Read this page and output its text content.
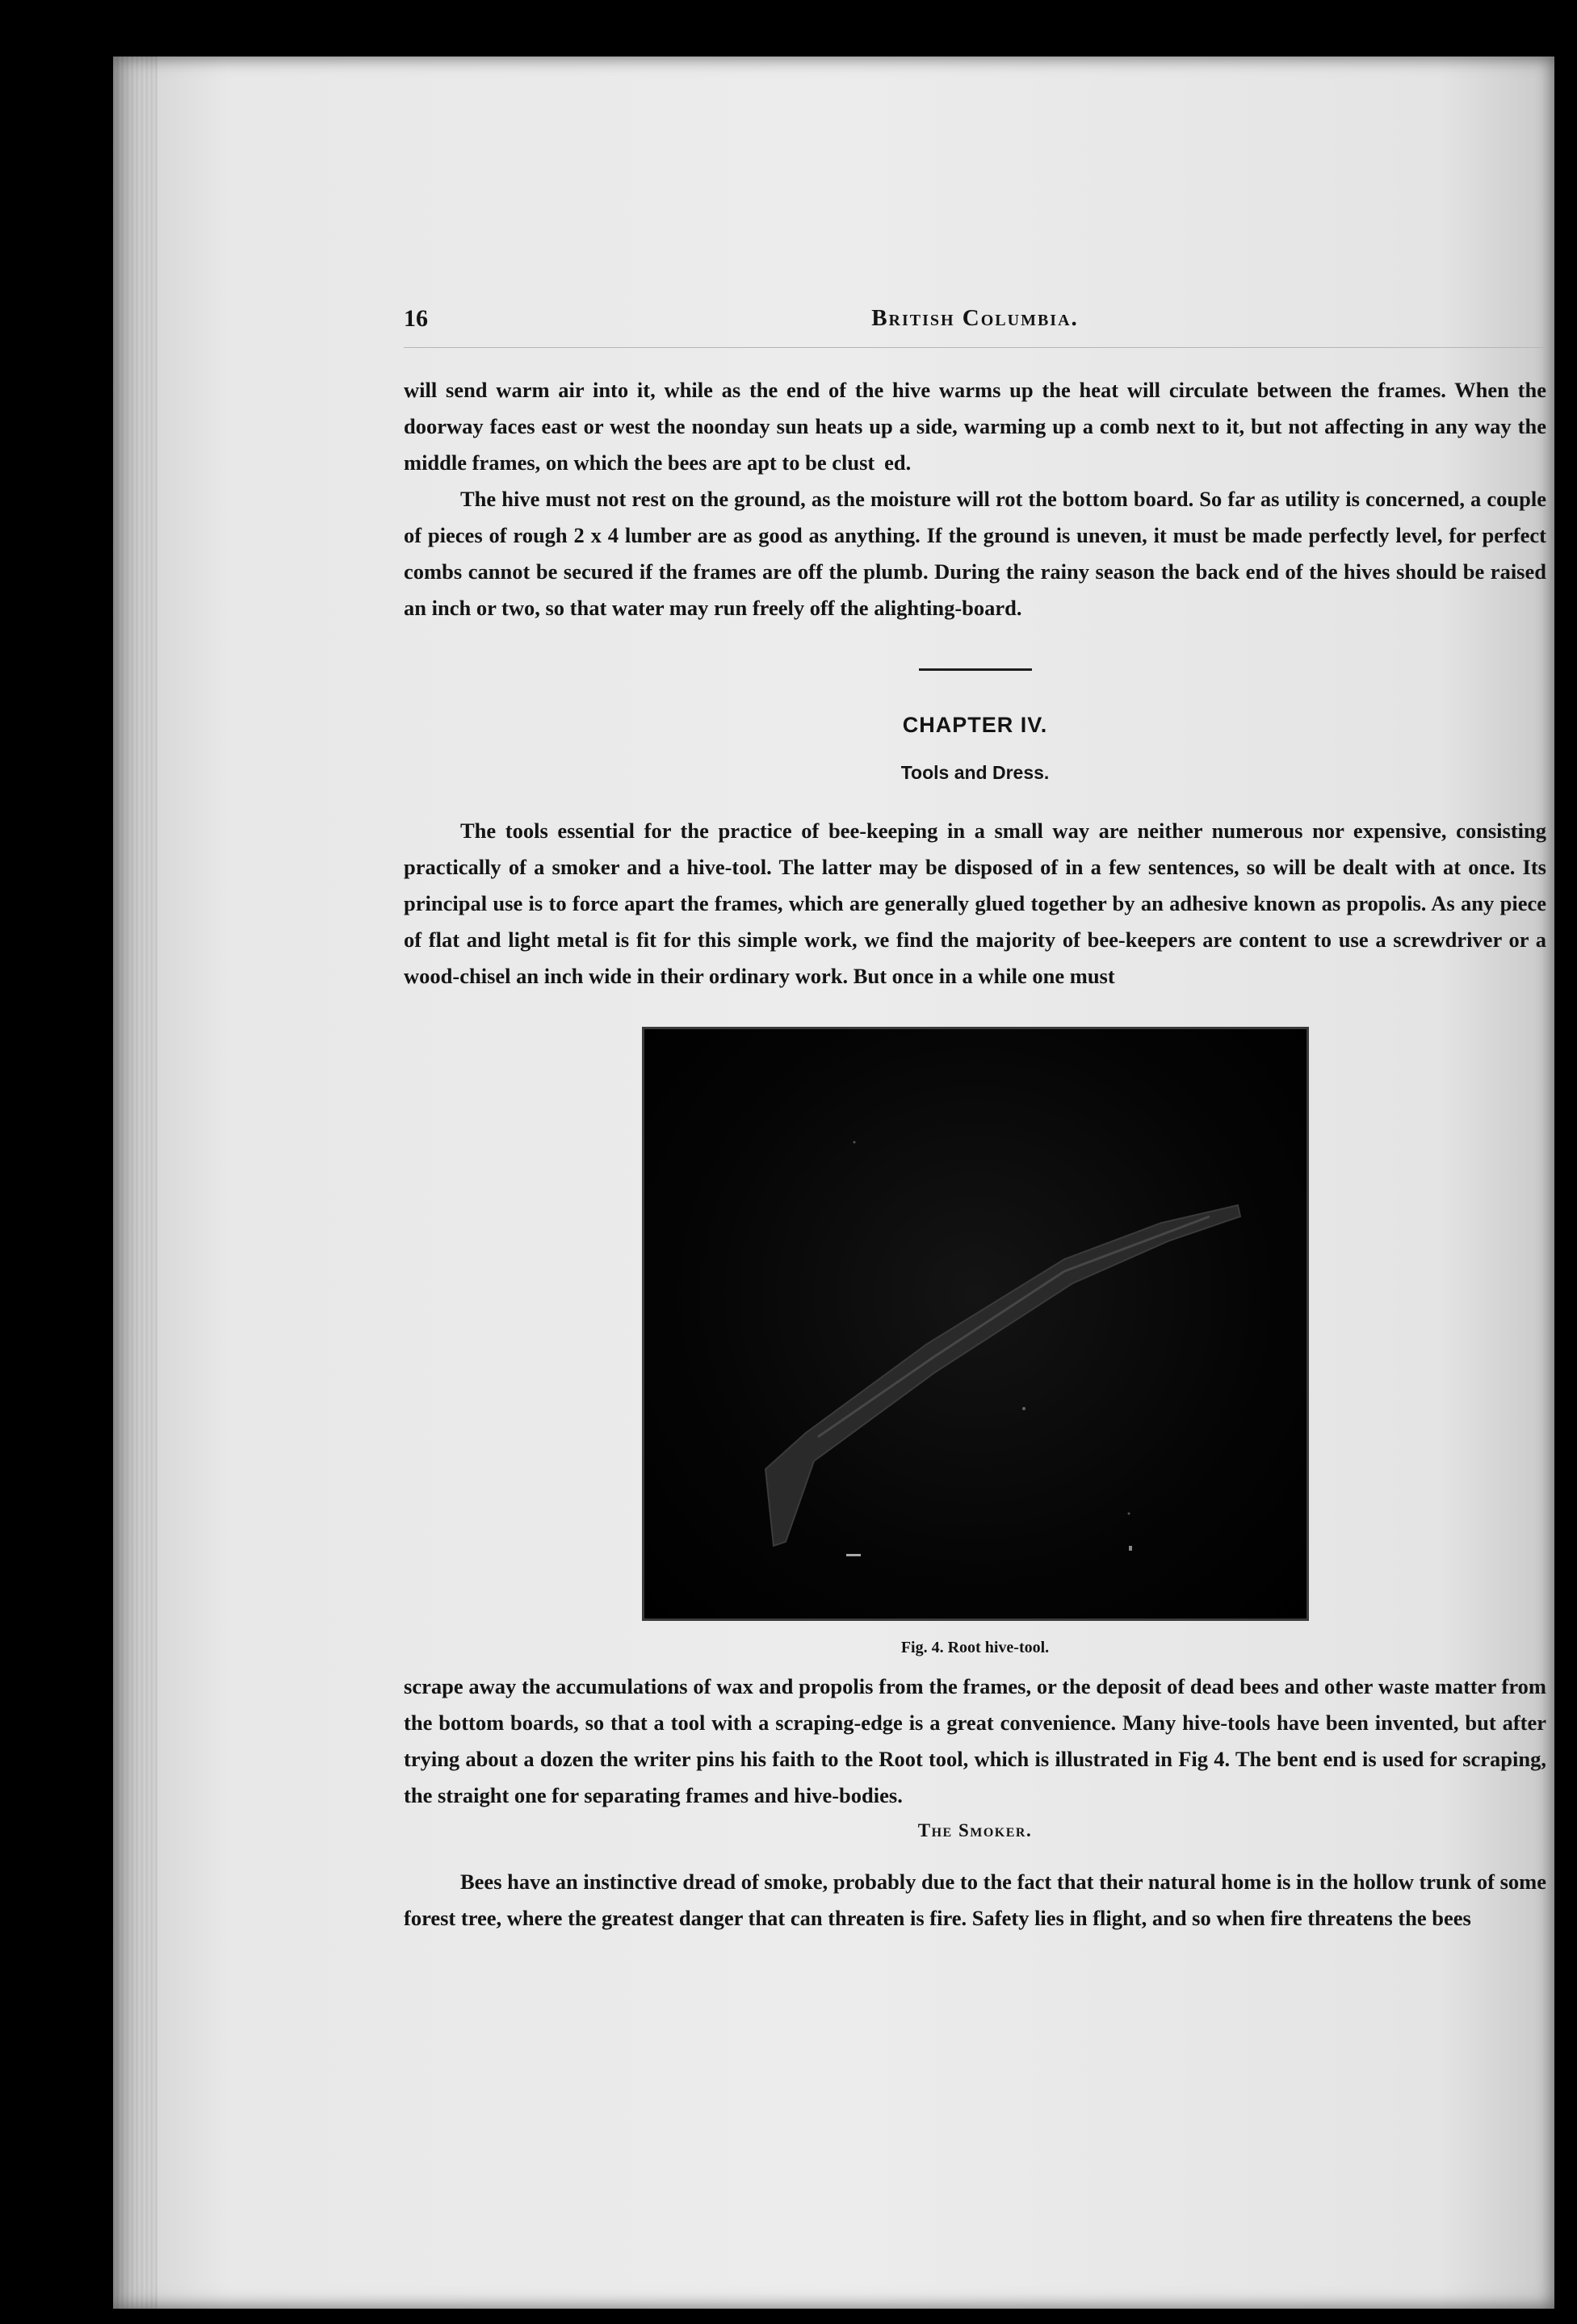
16	British Columbia.

will send warm air into it, while as the end of the hive warms up the heat will circulate between the frames. When the doorway faces east or west the noonday sun heats up a side, warming up a comb next to it, but not affecting in any way the middle frames, on which the bees are apt to be clust  ed.

The hive must not rest on the ground, as the moisture will rot the bottom board. So far as utility is concerned, a couple of pieces of rough 2 x 4 lumber are as good as anything. If the ground is uneven, it must be made perfectly level, for perfect combs cannot be secured if the frames are off the plumb. During the rainy season the back end of the hives should be raised an inch or two, so that water may run freely off the alighting-board.

CHAPTER IV.
Tools and Dress.

The tools essential for the practice of bee-keeping in a small way are neither numerous nor expensive, consisting practically of a smoker and a hive-tool. The latter may be disposed of in a few sentences, so will be dealt with at once. Its principal use is to force apart the frames, which are generally glued together by an adhesive known as propolis. As any piece of flat and light metal is fit for this simple work, we find the majority of bee-keepers are content to use a screwdriver or a wood-chisel an inch wide in their ordinary work. But once in a while one must

Fig. 4. Root hive-tool.

scrape away the accumulations of wax and propolis from the frames, or the deposit of dead bees and other waste matter from the bottom boards, so that a tool with a scraping-edge is a great convenience. Many hive-tools have been invented, but after trying about a dozen the writer pins his faith to the Root tool, which is illustrated in Fig 4. The bent end is used for scraping, the straight one for separating frames and hive-bodies.

The Smoker.

Bees have an instinctive dread of smoke, probably due to the fact that their natural home is in the hollow trunk of some forest tree, where the greatest danger that can threaten is fire. Safety lies in flight, and so when fire threatens the bees
